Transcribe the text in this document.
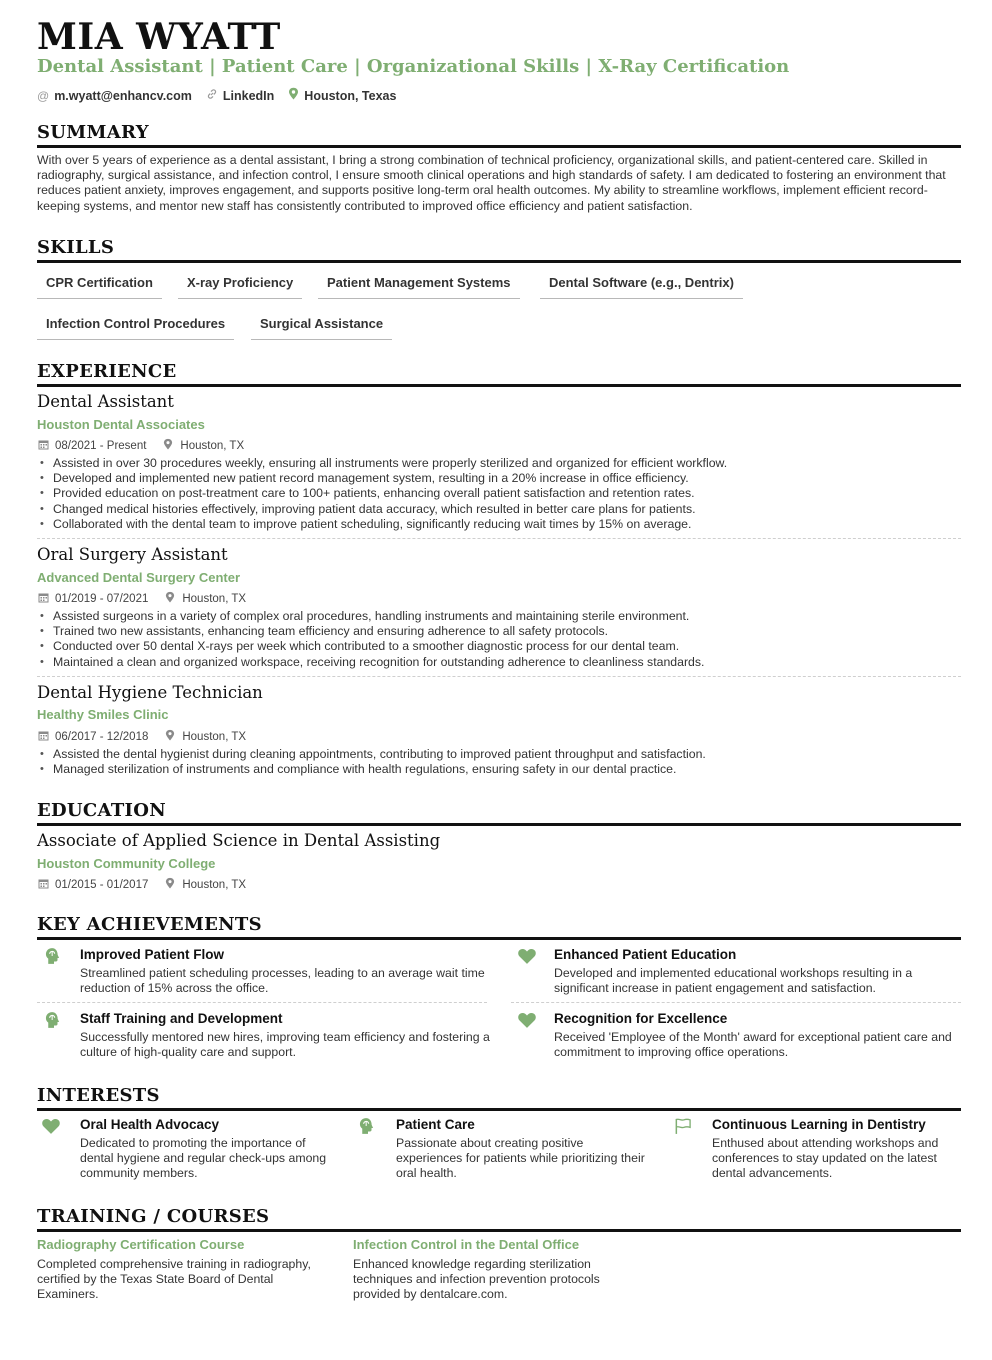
MIA WYATT
Dental Assistant | Patient Care | Organizational Skills | X-Ray Certification
@ m.wyatt@enhancv.com LinkedIn Houston, Texas
SUMMARY
With over 5 years of experience as a dental assistant, I bring a strong combination of technical proficiency, organizational skills, and patient-centered care. Skilled in radiography, surgical assistance, and infection control, I ensure smooth clinical operations and high standards of safety. I am dedicated to fostering an environment that reduces patient anxiety, improves engagement, and supports positive long-term oral health outcomes. My ability to streamline workflows, implement efficient record-keeping systems, and mentor new staff has consistently contributed to improved office efficiency and patient satisfaction.
SKILLS
CPR Certification	X-ray Proficiency	Patient Management Systems	Dental Software (e.g., Dentrix)
Infection Control Procedures	Surgical Assistance
EXPERIENCE
Dental Assistant
Houston Dental Associates
08/2021 - Present	Houston, TX
• Assisted in over 30 procedures weekly, ensuring all instruments were properly sterilized and organized for efficient workflow.
• Developed and implemented new patient record management system, resulting in a 20% increase in office efficiency.
• Provided education on post-treatment care to 100+ patients, enhancing overall patient satisfaction and retention rates.
• Changed medical histories effectively, improving patient data accuracy, which resulted in better care plans for patients.
• Collaborated with the dental team to improve patient scheduling, significantly reducing wait times by 15% on average.
Oral Surgery Assistant
Advanced Dental Surgery Center
01/2019 - 07/2021	Houston, TX
• Assisted surgeons in a variety of complex oral procedures, handling instruments and maintaining sterile environment.
• Trained two new assistants, enhancing team efficiency and ensuring adherence to all safety protocols.
• Conducted over 50 dental X-rays per week which contributed to a smoother diagnostic process for our dental team.
• Maintained a clean and organized workspace, receiving recognition for outstanding adherence to cleanliness standards.
Dental Hygiene Technician
Healthy Smiles Clinic
06/2017 - 12/2018	Houston, TX
• Assisted the dental hygienist during cleaning appointments, contributing to improved patient throughput and satisfaction.
• Managed sterilization of instruments and compliance with health regulations, ensuring safety in our dental practice.
EDUCATION
Associate of Applied Science in Dental Assisting
Houston Community College
01/2015 - 01/2017	Houston, TX
KEY ACHIEVEMENTS
Improved Patient Flow
Streamlined patient scheduling processes, leading to an average wait time reduction of 15% across the office.
Enhanced Patient Education
Developed and implemented educational workshops resulting in a significant increase in patient engagement and satisfaction.
Staff Training and Development
Successfully mentored new hires, improving team efficiency and fostering a culture of high-quality care and support.
Recognition for Excellence
Received 'Employee of the Month' award for exceptional patient care and commitment to improving office operations.
INTERESTS
Oral Health Advocacy
Dedicated to promoting the importance of dental hygiene and regular check-ups among community members.
Patient Care
Passionate about creating positive experiences for patients while prioritizing their oral health.
Continuous Learning in Dentistry
Enthused about attending workshops and conferences to stay updated on the latest dental advancements.
TRAINING / COURSES
Radiography Certification Course
Completed comprehensive training in radiography, certified by the Texas State Board of Dental Examiners.
Infection Control in the Dental Office
Enhanced knowledge regarding sterilization techniques and infection prevention protocols provided by dentalcare.com.
